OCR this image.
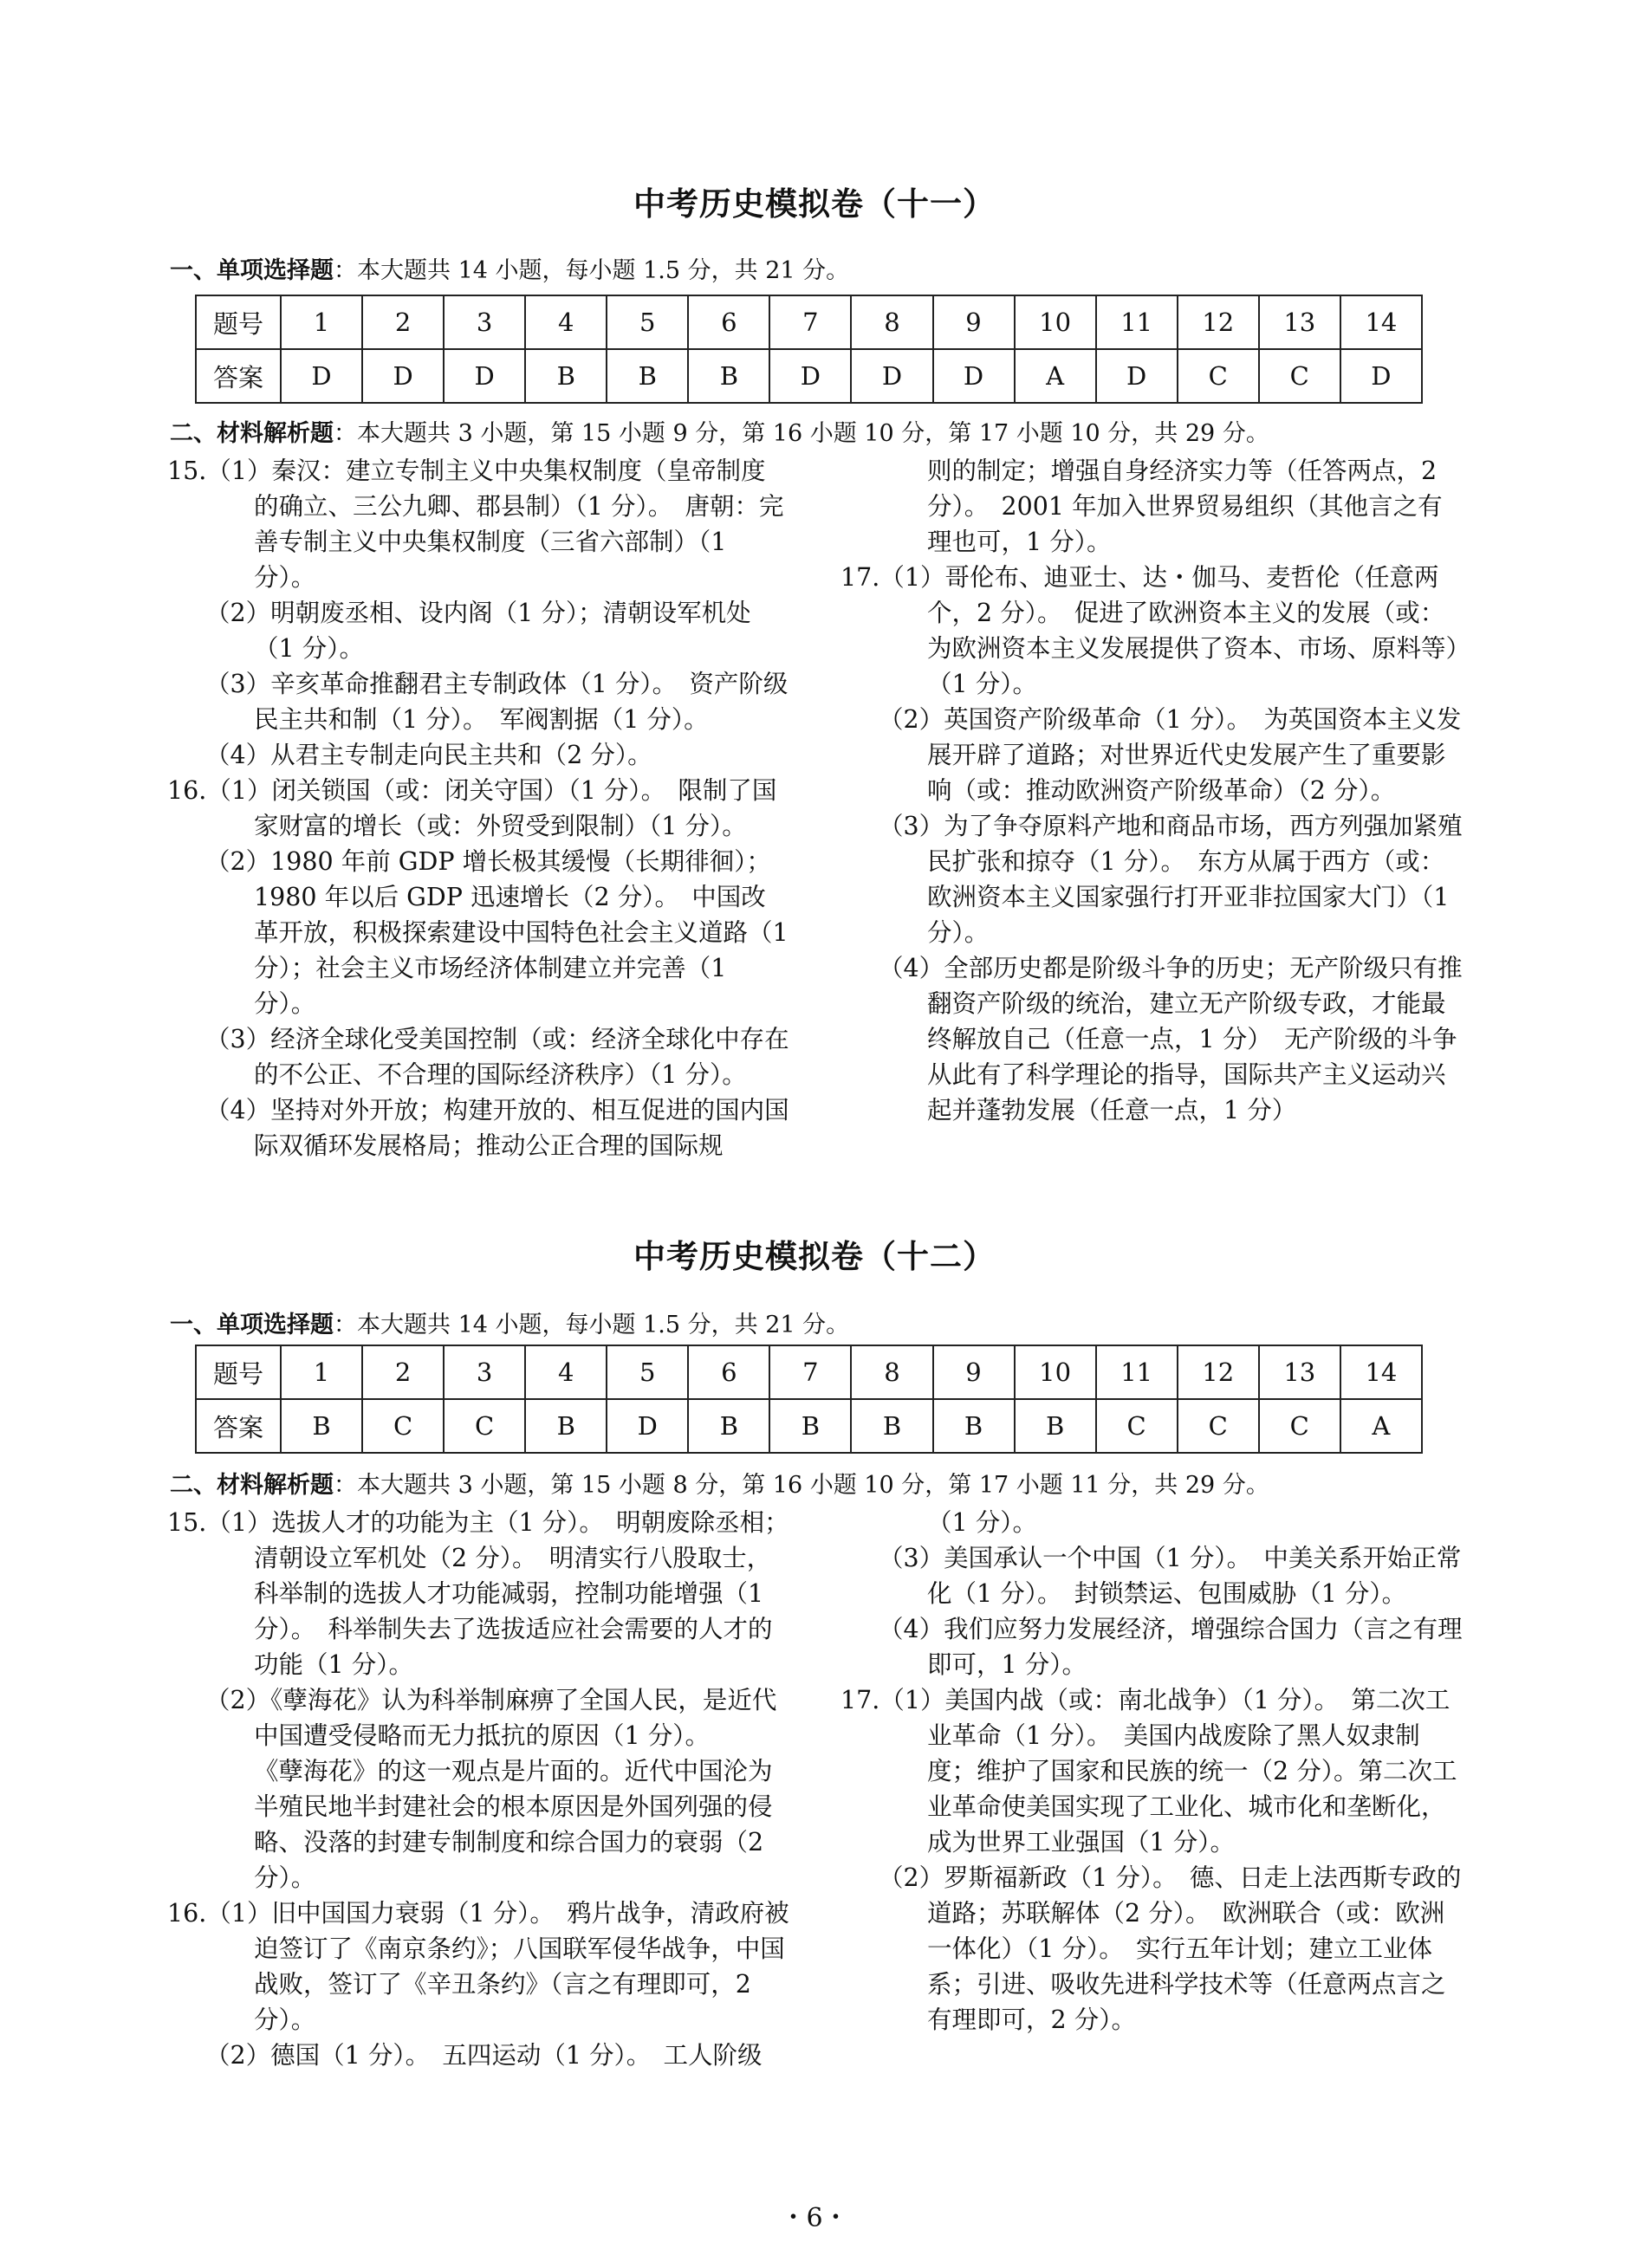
中考历史模拟卷（十一）
一、单项选择题：本大题共 14 小题，每小题 1.5 分，共 21 分。
题号	1	2	3	4	5	6	7	8	9	10	11	12	13	14
答案	D	D	D	B	B	B	D	D	D	A	D	C	C	D
二、材料解析题：本大题共 3 小题，第 15 小题 9 分，第 16 小题 10 分，第 17 小题 10 分，共 29 分。

15.（1）秦汉：建立专制主义中央集权制度（皇帝制度的确立、三公九卿、郡县制）（1 分）。　唐朝：完善专制主义中央集权制度（三省六部制）（1 分）。

（2）明朝废丞相、设内阁（1 分）；清朝设军机处（1 分）。

（3）辛亥革命推翻君主专制政体（1 分）。　资产阶级民主共和制（1 分）。　军阀割据（1 分）。

（4）从君主专制走向民主共和（2 分）。

16.（1）闭关锁国（或：闭关守国）（1 分）。　限制了国家财富的增长（或：外贸受到限制）（1 分）。

（2）1980 年前 GDP 增长极其缓慢（长期徘徊）；1980 年以后 GDP 迅速增长（2 分）。　中国改革开放，积极探索建设中国特色社会主义道路（1 分）；社会主义市场经济体制建立并完善（1 分）。

（3）经济全球化受美国控制（或：经济全球化中存在的不公正、不合理的国际经济秩序）（1 分）。

（4）坚持对外开放；构建开放的、相互促进的国内国际双循环发展格局；推动公正合理的国际规

则的制定；增强自身经济实力等（任答两点，2 分）。　2001 年加入世界贸易组织（其他言之有理也可，1 分）。

17.（1）哥伦布、迪亚士、达・伽马、麦哲伦（任意两个，2 分）。　促进了欧洲资本主义的发展（或：为欧洲资本主义发展提供了资本、市场、原料等）（1 分）。

（2）英国资产阶级革命（1 分）。　为英国资本主义发展开辟了道路；对世界近代史发展产生了重要影响（或：推动欧洲资产阶级革命）（2 分）。

（3）为了争夺原料产地和商品市场，西方列强加紧殖民扩张和掠夺（1 分）。　东方从属于西方（或：欧洲资本主义国家强行打开亚非拉国家大门）（1 分）。

（4）全部历史都是阶级斗争的历史；无产阶级只有推翻资产阶级的统治，建立无产阶级专政，才能最终解放自己（任意一点，1 分）　无产阶级的斗争从此有了科学理论的指导，国际共产主义运动兴起并蓬勃发展（任意一点，1 分）

中考历史模拟卷（十二）
一、单项选择题：本大题共 14 小题，每小题 1.5 分，共 21 分。
题号	1	2	3	4	5	6	7	8	9	10	11	12	13	14
答案	B	C	C	B	D	B	B	B	B	B	C	C	C	A
二、材料解析题：本大题共 3 小题，第 15 小题 8 分，第 16 小题 10 分，第 17 小题 11 分，共 29 分。

15.（1）选拔人才的功能为主（1 分）。　明朝废除丞相；清朝设立军机处（2 分）。　明清实行八股取士，科举制的选拔人才功能减弱，控制功能增强（1 分）。　科举制失去了选拔适应社会需要的人才的功能（1 分）。

（2）《孽海花》认为科举制麻痹了全国人民，是近代中国遭受侵略而无力抵抗的原因（1 分）。

《孽海花》的这一观点是片面的。近代中国沦为半殖民地半封建社会的根本原因是外国列强的侵略、没落的封建专制制度和综合国力的衰弱（2 分）。

16.（1）旧中国国力衰弱（1 分）。　鸦片战争，清政府被迫签订了《南京条约》；八国联军侵华战争，中国战败，签订了《辛丑条约》（言之有理即可，2 分）。

（2）德国（1 分）。　五四运动（1 分）。　工人阶级

（1 分）。

（3）美国承认一个中国（1 分）。　中美关系开始正常化（1 分）。　封锁禁运、包围威胁（1 分）。

（4）我们应努力发展经济，增强综合国力（言之有理即可，1 分）。

17.（1）美国内战（或：南北战争）（1 分）。　第二次工业革命（1 分）。　美国内战废除了黑人奴隶制度；维护了国家和民族的统一（2 分）。第二次工业革命使美国实现了工业化、城市化和垄断化，成为世界工业强国（1 分）。

（2）罗斯福新政（1 分）。　德、日走上法西斯专政的道路；苏联解体（2 分）。　欧洲联合（或：欧洲一体化）（1 分）。　实行五年计划；建立工业体系；引进、吸收先进科学技术等（任意两点言之有理即可，2 分）。

・6・
